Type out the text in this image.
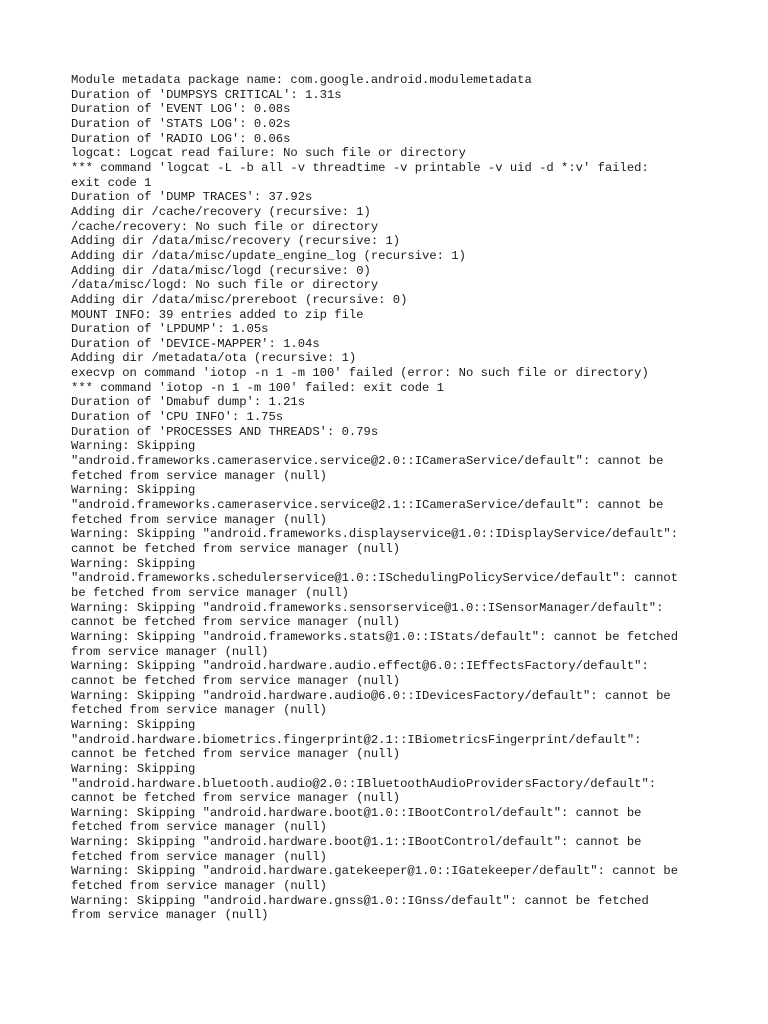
Module metadata package name: com.google.android.modulemetadata
Duration of 'DUMPSYS CRITICAL': 1.31s
Duration of 'EVENT LOG': 0.08s
Duration of 'STATS LOG': 0.02s
Duration of 'RADIO LOG': 0.06s
logcat: Logcat read failure: No such file or directory
*** command 'logcat -L -b all -v threadtime -v printable -v uid -d *:v' failed:
exit code 1
Duration of 'DUMP TRACES': 37.92s
Adding dir /cache/recovery (recursive: 1)
/cache/recovery: No such file or directory
Adding dir /data/misc/recovery (recursive: 1)
Adding dir /data/misc/update_engine_log (recursive: 1)
Adding dir /data/misc/logd (recursive: 0)
/data/misc/logd: No such file or directory
Adding dir /data/misc/prereboot (recursive: 0)
MOUNT INFO: 39 entries added to zip file
Duration of 'LPDUMP': 1.05s
Duration of 'DEVICE-MAPPER': 1.04s
Adding dir /metadata/ota (recursive: 1)
execvp on command 'iotop -n 1 -m 100' failed (error: No such file or directory)
*** command 'iotop -n 1 -m 100' failed: exit code 1
Duration of 'Dmabuf dump': 1.21s
Duration of 'CPU INFO': 1.75s
Duration of 'PROCESSES AND THREADS': 0.79s
Warning: Skipping
"android.frameworks.cameraservice.service@2.0::ICameraService/default": cannot be
fetched from service manager (null)
Warning: Skipping
"android.frameworks.cameraservice.service@2.1::ICameraService/default": cannot be
fetched from service manager (null)
Warning: Skipping "android.frameworks.displayservice@1.0::IDisplayService/default":
cannot be fetched from service manager (null)
Warning: Skipping
"android.frameworks.schedulerservice@1.0::ISchedulingPolicyService/default": cannot
be fetched from service manager (null)
Warning: Skipping "android.frameworks.sensorservice@1.0::ISensorManager/default":
cannot be fetched from service manager (null)
Warning: Skipping "android.frameworks.stats@1.0::IStats/default": cannot be fetched
from service manager (null)
Warning: Skipping "android.hardware.audio.effect@6.0::IEffectsFactory/default":
cannot be fetched from service manager (null)
Warning: Skipping "android.hardware.audio@6.0::IDevicesFactory/default": cannot be
fetched from service manager (null)
Warning: Skipping
"android.hardware.biometrics.fingerprint@2.1::IBiometricsFingerprint/default":
cannot be fetched from service manager (null)
Warning: Skipping
"android.hardware.bluetooth.audio@2.0::IBluetoothAudioProvidersFactory/default":
cannot be fetched from service manager (null)
Warning: Skipping "android.hardware.boot@1.0::IBootControl/default": cannot be
fetched from service manager (null)
Warning: Skipping "android.hardware.boot@1.1::IBootControl/default": cannot be
fetched from service manager (null)
Warning: Skipping "android.hardware.gatekeeper@1.0::IGatekeeper/default": cannot be
fetched from service manager (null)
Warning: Skipping "android.hardware.gnss@1.0::IGnss/default": cannot be fetched
from service manager (null)
